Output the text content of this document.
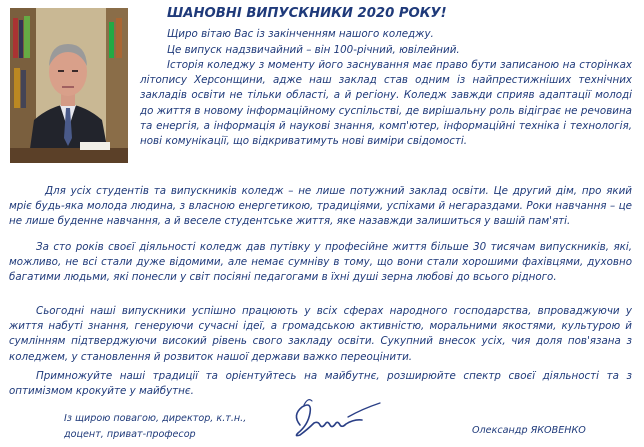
ШАНОВНІ ВИПУСКНИКИ 2020 РОКУ!
Щиро вітаю Вас із закінченням нашого коледжу.
Це випуск надзвичайний – він 100-річний, ювілейний.
Історія коледжу з моменту його заснування має право бути записаною на сторінках літопису Херсонщини, адже наш заклад став одним із найпрестижніших технічних закладів освіти не тільки області, а й регіону. Коледж завжди сприяв адаптації молоді до життя в новому інформаційному суспільстві, де вирішальну роль відіграє не речовина та енергія, а інформація й наукові знання, комп'ютер, інформаційні техніка і технологія, нові комунікації, що відкриватимуть нові виміри свідомості.
Для усіх студентів та випускників коледж – не лише потужний заклад освіти. Це другий дім, про який мріє будь-яка молода людина, з власною енергетикою, традиціями, успіхами й негараздами. Роки навчання – це не лише буденне навчання, а й веселе студентське життя, яке назавжди залишиться у вашій пам'яті.
За сто років своєї діяльності коледж дав путівку у професійне життя більше 30 тисячам випускників, які, можливо, не всі стали дуже відомими, але немає сумніву в тому, що вони стали хорошими фахівцями, духовно багатими людьми, які понесли у світ посіяні педагогами в їхні душі зерна любові до всього рідного.
Сьогодні наші випускники успішно працюють у всіх сферах народного господарства, впроваджуючи у життя набуті знання, генеруючи сучасні ідеї, а громадською активністю, моральними якостями, культурою й сумлінням підтверджуючи високий рівень свого закладу освіти. Сукупний внесок усіх, чия доля пов'язана з коледжем, у становлення й розвиток нашої держави важко переоцінити.
Примножуйте наші традиції та орієнтуйтесь на майбутнє, розширюйте спектр своєї діяльності та з оптимізмом крокуйте у майбутнє.
Із щирою повагою, директор, к.т.н.,
доцент, приват-професор	Олександр ЯКОВЕНКО
